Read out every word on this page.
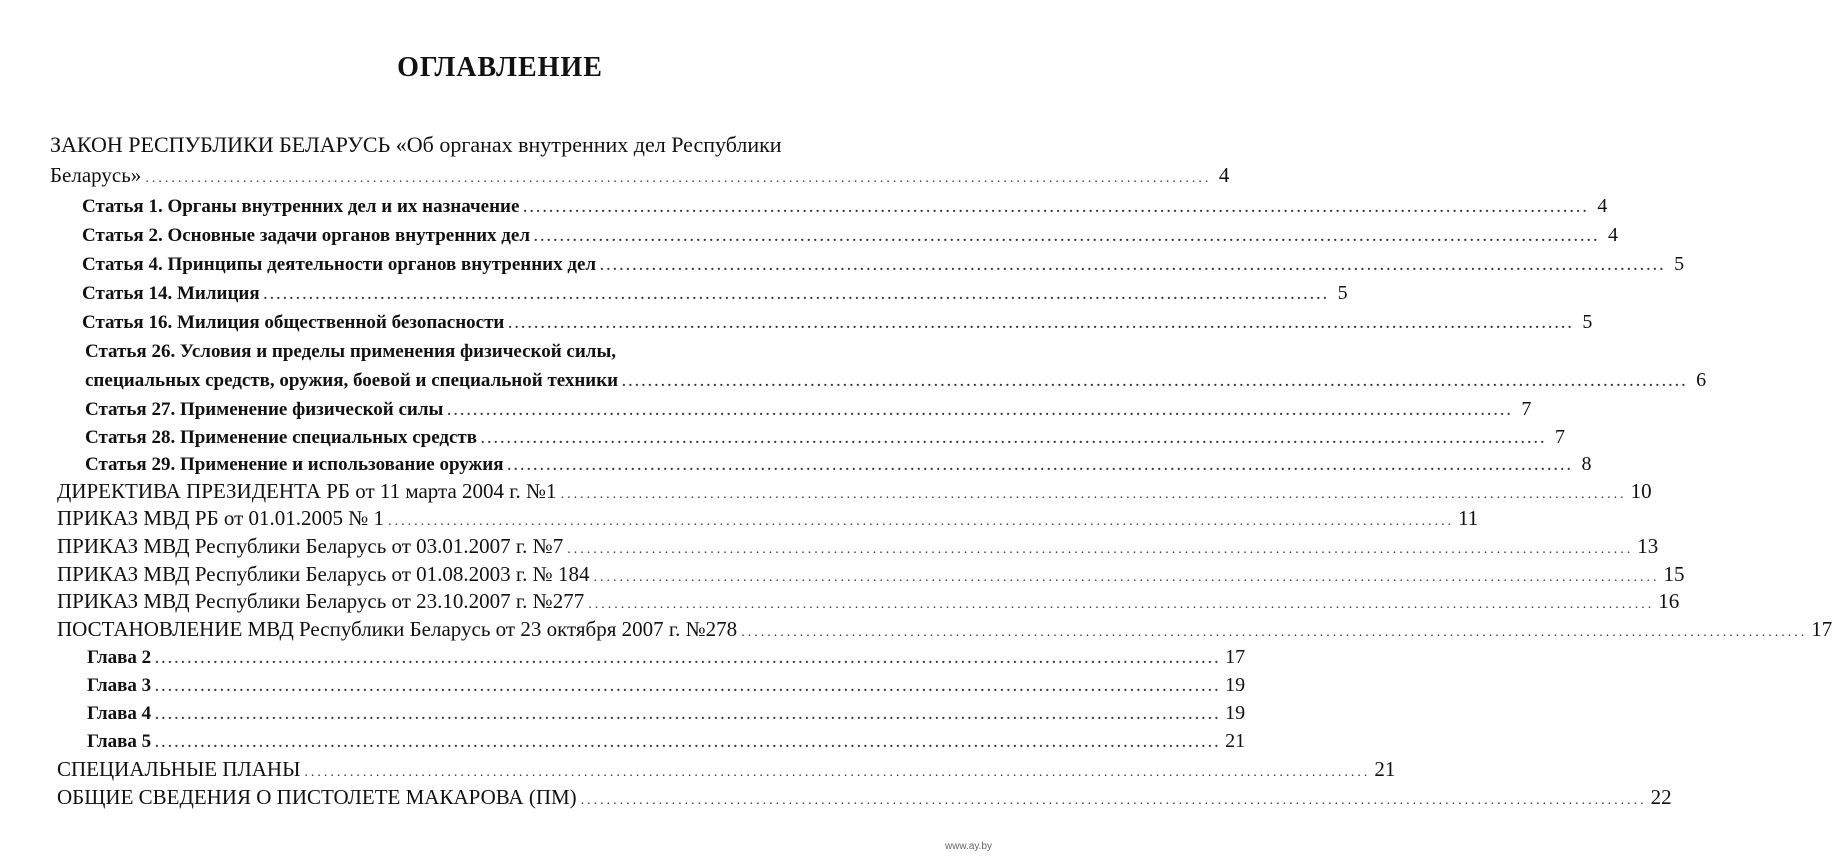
ОГЛАВЛЕНИЕ
ЗАКОН РЕСПУБЛИКИ БЕЛАРУСЬ «Об органах внутренних дел Республики
Беларусь» .................................................................................................................................................................... 4
Статья 1. Органы внутренних дел и их назначение .................................................................................................................................................................... 4
Статья 2. Основные задачи органов внутренних дел .................................................................................................................................................................... 4
Статья 4. Принципы деятельности органов внутренних дел .................................................................................................................................................................... 5
Статья 14. Милиция .................................................................................................................................................................... 5
Статья 16. Милиция общественной безопасности .................................................................................................................................................................... 5
Статья 26. Условия и пределы применения физической силы,
специальных средств, оружия, боевой и специальной техники .................................................................................................................................................................... 6
Статья 27. Применение физической силы .................................................................................................................................................................... 7
Статья 28. Применение специальных средств .................................................................................................................................................................... 7
Статья 29. Применение и использование оружия .................................................................................................................................................................... 8
ДИРЕКТИВА ПРЕЗИДЕНТА РБ от 11 марта 2004 г. №1 .................................................................................................................................................................... 10
ПРИКАЗ МВД РБ от 01.01.2005 № 1 .................................................................................................................................................................... 11
ПРИКАЗ МВД Республики Беларусь от 03.01.2007 г. №7 .................................................................................................................................................................... 13
ПРИКАЗ МВД Республики Беларусь от 01.08.2003 г. № 184 .................................................................................................................................................................... 15
ПРИКАЗ МВД Республики Беларусь от 23.10.2007 г. №277 .................................................................................................................................................................... 16
ПОСТАНОВЛЕНИЕ МВД Республики Беларусь от 23 октября 2007 г. №278 .................................................................................................................................................................... 17
Глава 2 .................................................................................................................................................................... 17
Глава 3 .................................................................................................................................................................... 19
Глава 4 .................................................................................................................................................................... 19
Глава 5 .................................................................................................................................................................... 21
СПЕЦИАЛЬНЫЕ ПЛАНЫ .................................................................................................................................................................... 21
ОБЩИЕ СВЕДЕНИЯ О ПИСТОЛЕТЕ МАКАРОВА (ПМ) .................................................................................................................................................................... 22
www.ay.by
